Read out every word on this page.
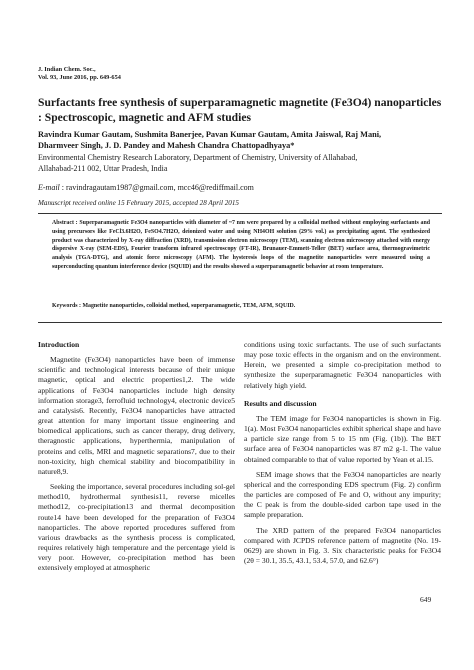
J. Indian Chem. Soc.,
Vol. 93, June 2016, pp. 649-654
Surfactants free synthesis of superparamagnetic magnetite (Fe3O4) nanoparticles : Spectroscopic, magnetic and AFM studies
Ravindra Kumar Gautam, Sushmita Banerjee, Pavan Kumar Gautam, Amita Jaiswal, Raj Mani,
Dharmveer Singh, J. D. Pandey and Mahesh Chandra Chattopadhyaya*
Environmental Chemistry Research Laboratory, Department of Chemistry, University of Allahabad,
Allahabad-211 002, Uttar Pradesh, India
E-mail : ravindragautam1987@gmail.com, mcc46@rediffmail.com
Manuscript received online 15 February 2015, accepted 28 April 2015
Abstract : Superparamagnetic Fe3O4 nanoparticles with diameter of ~7 nm were prepared by a colloidal method without employing surfactants and using precursors like FeCl3.6H2O, FeSO4.7H2O, deionized water and using NH4OH solution (29% vol.) as precipitating agent. The synthesized product was characterized by X-ray diffraction (XRD), transmission electron microscopy (TEM), scanning electron microscopy attached with energy dispersive X-ray (SEM-EDS), Fourier transform infrared spectroscopy (FT-IR), Brunauer-Emmett-Teller (BET) surface area, thermogravimetric analysis (TGA-DTG), and atomic force microscopy (AFM). The hysteresis loops of the magnetite nanoparticles were measured using a superconducting quantum interference device (SQUID) and the results showed a superparamagnetic behavior at room temperature.
Keywords : Magnetite nanoparticles, colloidal method, superparamagnetic, TEM, AFM, SQUID.
Introduction

Magnetite (Fe3O4) nanoparticles have been of immense scientific and technological interests because of their unique magnetic, optical and electric properties1,2. The wide applications of Fe3O4 nanoparticles include high density information storage3, ferrofluid technology4, electronic device5 and catalysis6. Recently, Fe3O4 nanoparticles have attracted great attention for many important tissue engineering and biomedical applications, such as cancer therapy, drug delivery, theragnostic applications, hyperthermia, manipulation of proteins and cells, MRI and magnetic separations7, due to their non-toxicity, high chemical stability and biocompatibility in nature8,9.

Seeking the importance, several procedures including sol-gel method10, hydrothermal synthesis11, reverse micelles method12, co-precipitation13 and thermal decomposition route14 have been developed for the preparation of Fe3O4 nanoparticles. The above reported procedures suffered from various drawbacks as the synthesis process is complicated, requires relatively high temperature and the percentage yield is very poor. However, co-precipitation method has been extensively employed at atmospheric

conditions using toxic surfactants. The use of such surfactants may pose toxic effects in the organism and on the environment. Herein, we presented a simple co-precipitation method to synthesize the superparamagnetic Fe3O4 nanoparticles with relatively high yield.

Results and discussion

The TEM image for Fe3O4 nanoparticles is shown in Fig. 1(a). Most Fe3O4 nanoparticles exhibit spherical shape and have a particle size range from 5 to 15 nm (Fig. (1b)). The BET surface area of Fe3O4 nanoparticles was 87 m2 g-1. The value obtained comparable to that of value reported by Yean et al.15.

SEM image shows that the Fe3O4 nanoparticles are nearly spherical and the corresponding EDS spectrum (Fig. 2) confirm the particles are composed of Fe and O, without any impurity; the C peak is from the double-sided carbon tape used in the sample preparation.

The XRD pattern of the prepared Fe3O4 nanoparticles compared with JCPDS reference pattern of magnetite (No. 19-0629) are shown in Fig. 3. Six characteristic peaks for Fe3O4 (2θ = 30.1, 35.5, 43.1, 53.4, 57.0, and 62.6°)

649
